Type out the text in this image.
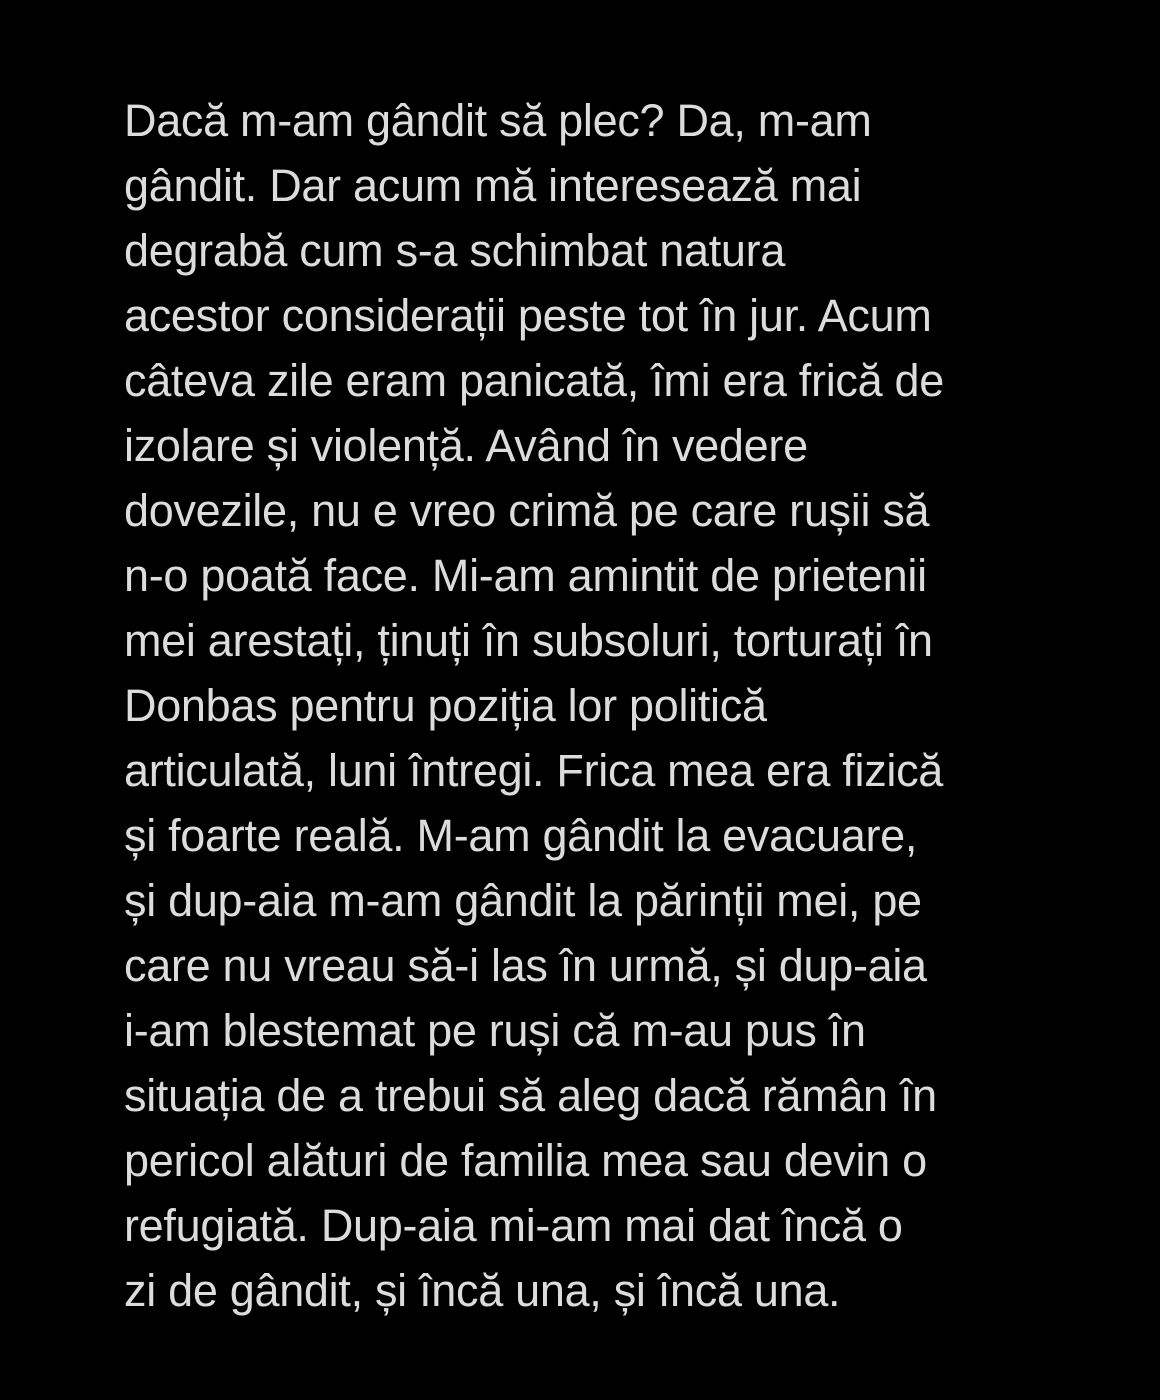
Dacă m-am gândit să plec? Da, m-am
gândit. Dar acum mă interesează mai
degrabă cum s-a schimbat natura
acestor considerații peste tot în jur. Acum
câteva zile eram panicată, îmi era frică de
izolare și violență. Având în vedere
dovezile, nu e vreo crimă pe care rușii să
n-o poată face. Mi-am amintit de prietenii
mei arestați, ținuți în subsoluri, torturați în
Donbas pentru poziția lor politică
articulată, luni întregi. Frica mea era fizică
și foarte reală. M-am gândit la evacuare,
și dup-aia m-am gândit la părinții mei, pe
care nu vreau să-i las în urmă, și dup-aia
i-am blestemat pe ruși că m-au pus în
situația de a trebui să aleg dacă rămân în
pericol alături de familia mea sau devin o
refugiată. Dup-aia mi-am mai dat încă o
zi de gândit, și încă una, și încă una.
